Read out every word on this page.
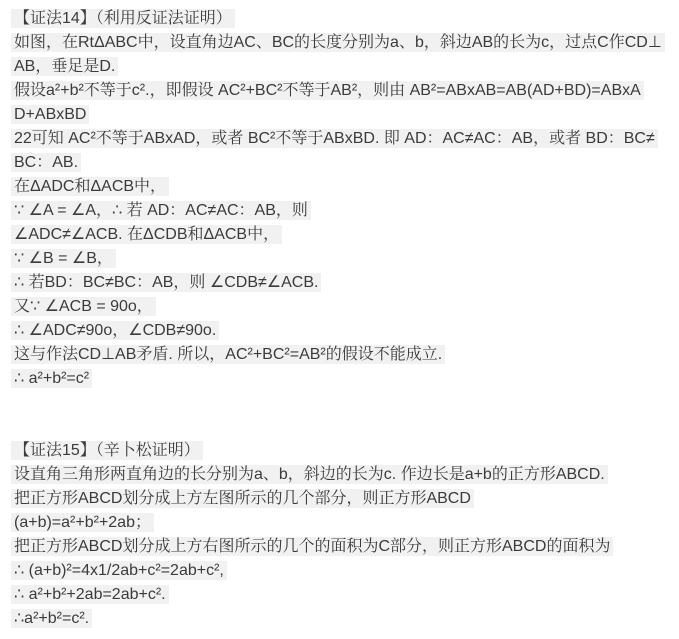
【证法14】（利用反证法证明）
如图，在RtΔABC中，设直角边AC、BC的长度分别为a、b，斜边AB的长为c，过点C作CD⊥
AB，垂足是D.
假设a²+b²不等于c².，即假设 AC²+BC²不等于AB²，则由 AB²=ABxAB=AB(AD+BD)=ABxA
D+ABxBD
22可知 AC²不等于ABxAD，或者 BC²不等于ABxBD. 即 AD：AC≠AC：AB，或者 BD：BC≠
BC：AB.
在ΔADC和ΔACB中，
∵ ∠A = ∠A，∴ 若 AD：AC≠AC：AB，则
∠ADC≠∠ACB. 在ΔCDB和ΔACB中，
∵ ∠B = ∠B，
∴ 若BD：BC≠BC：AB，则 ∠CDB≠∠ACB.
又∵ ∠ACB = 90o，
∴ ∠ADC≠90o，∠CDB≠90o.
这与作法CD⊥AB矛盾. 所以，AC²+BC²=AB²的假设不能成立.
∴ a²+b²=c²
【证法15】（辛卜松证明）
设直角三角形两直角边的长分别为a、b，斜边的长为c. 作边长是a+b的正方形ABCD.
把正方形ABCD划分成上方左图所示的几个部分，则正方形ABCD
(a+b)=a²+b²+2ab；
把正方形ABCD划分成上方右图所示的几个的面积为C部分，则正方形ABCD的面积为
∴ (a+b)²=4x1/2ab+c²=2ab+c²,
∴ a²+b²+2ab=2ab+c².
∴a²+b²=c².
